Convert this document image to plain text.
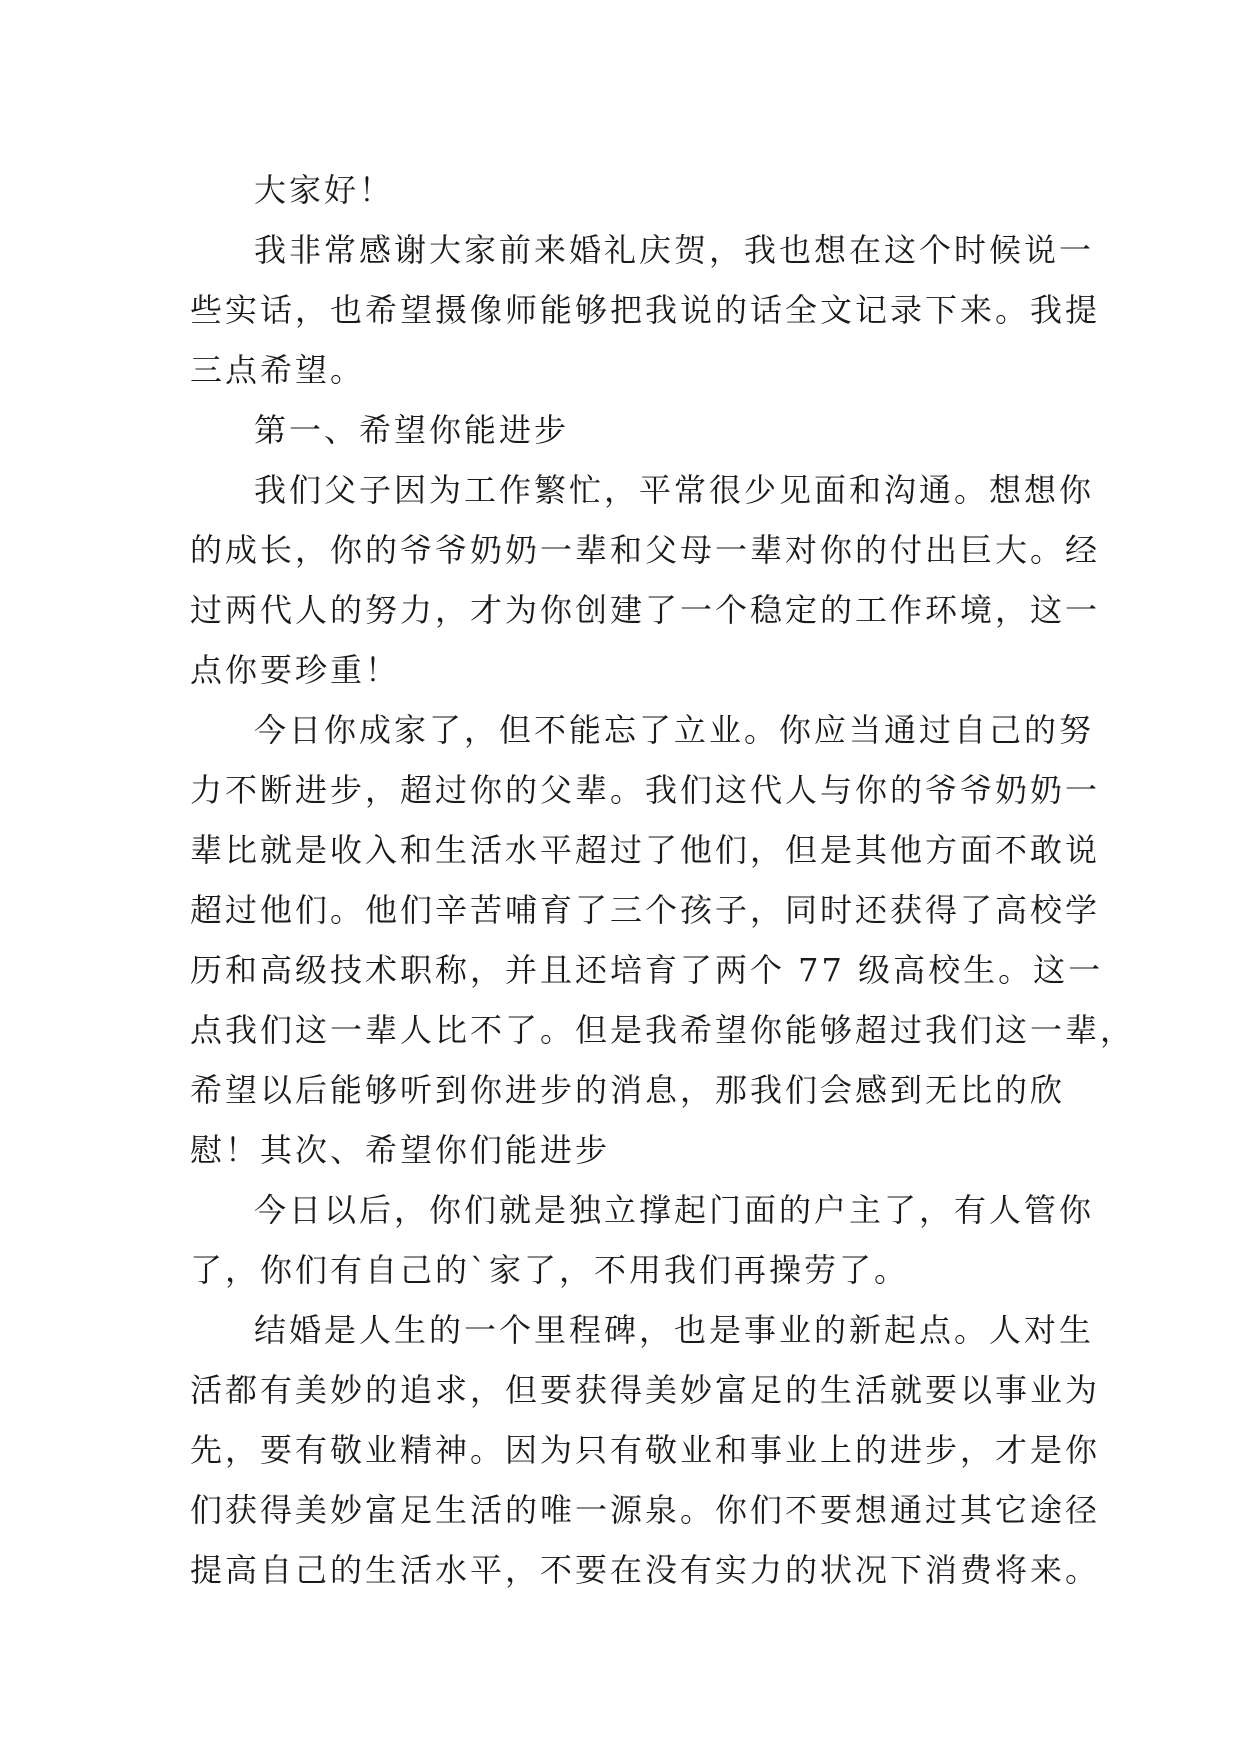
大家好！
我非常感谢大家前来婚礼庆贺，我也想在这个时候说一
些实话，也希望摄像师能够把我说的话全文记录下来。我提
三点希望。
第一、希望你能进步
我们父子因为工作繁忙，平常很少见面和沟通。想想你
的成长，你的爷爷奶奶一辈和父母一辈对你的付出巨大。经
过两代人的努力，才为你创建了一个稳定的工作环境，这一
点你要珍重！
今日你成家了，但不能忘了立业。你应当通过自己的努
力不断进步，超过你的父辈。我们这代人与你的爷爷奶奶一
辈比就是收入和生活水平超过了他们，但是其他方面不敢说
超过他们。他们辛苦哺育了三个孩子，同时还获得了高校学
历和高级技术职称，并且还培育了两个 77 级高校生。这一
点我们这一辈人比不了。但是我希望你能够超过我们这一辈，
希望以后能够听到你进步的消息，那我们会感到无比的欣
慰！其次、希望你们能进步
今日以后，你们就是独立撑起门面的户主了，有人管你
了，你们有自己的`家了，不用我们再操劳了。
结婚是人生的一个里程碑，也是事业的新起点。人对生
活都有美妙的追求，但要获得美妙富足的生活就要以事业为
先，要有敬业精神。因为只有敬业和事业上的进步，才是你
们获得美妙富足生活的唯一源泉。你们不要想通过其它途径
提高自己的生活水平，不要在没有实力的状况下消费将来。
